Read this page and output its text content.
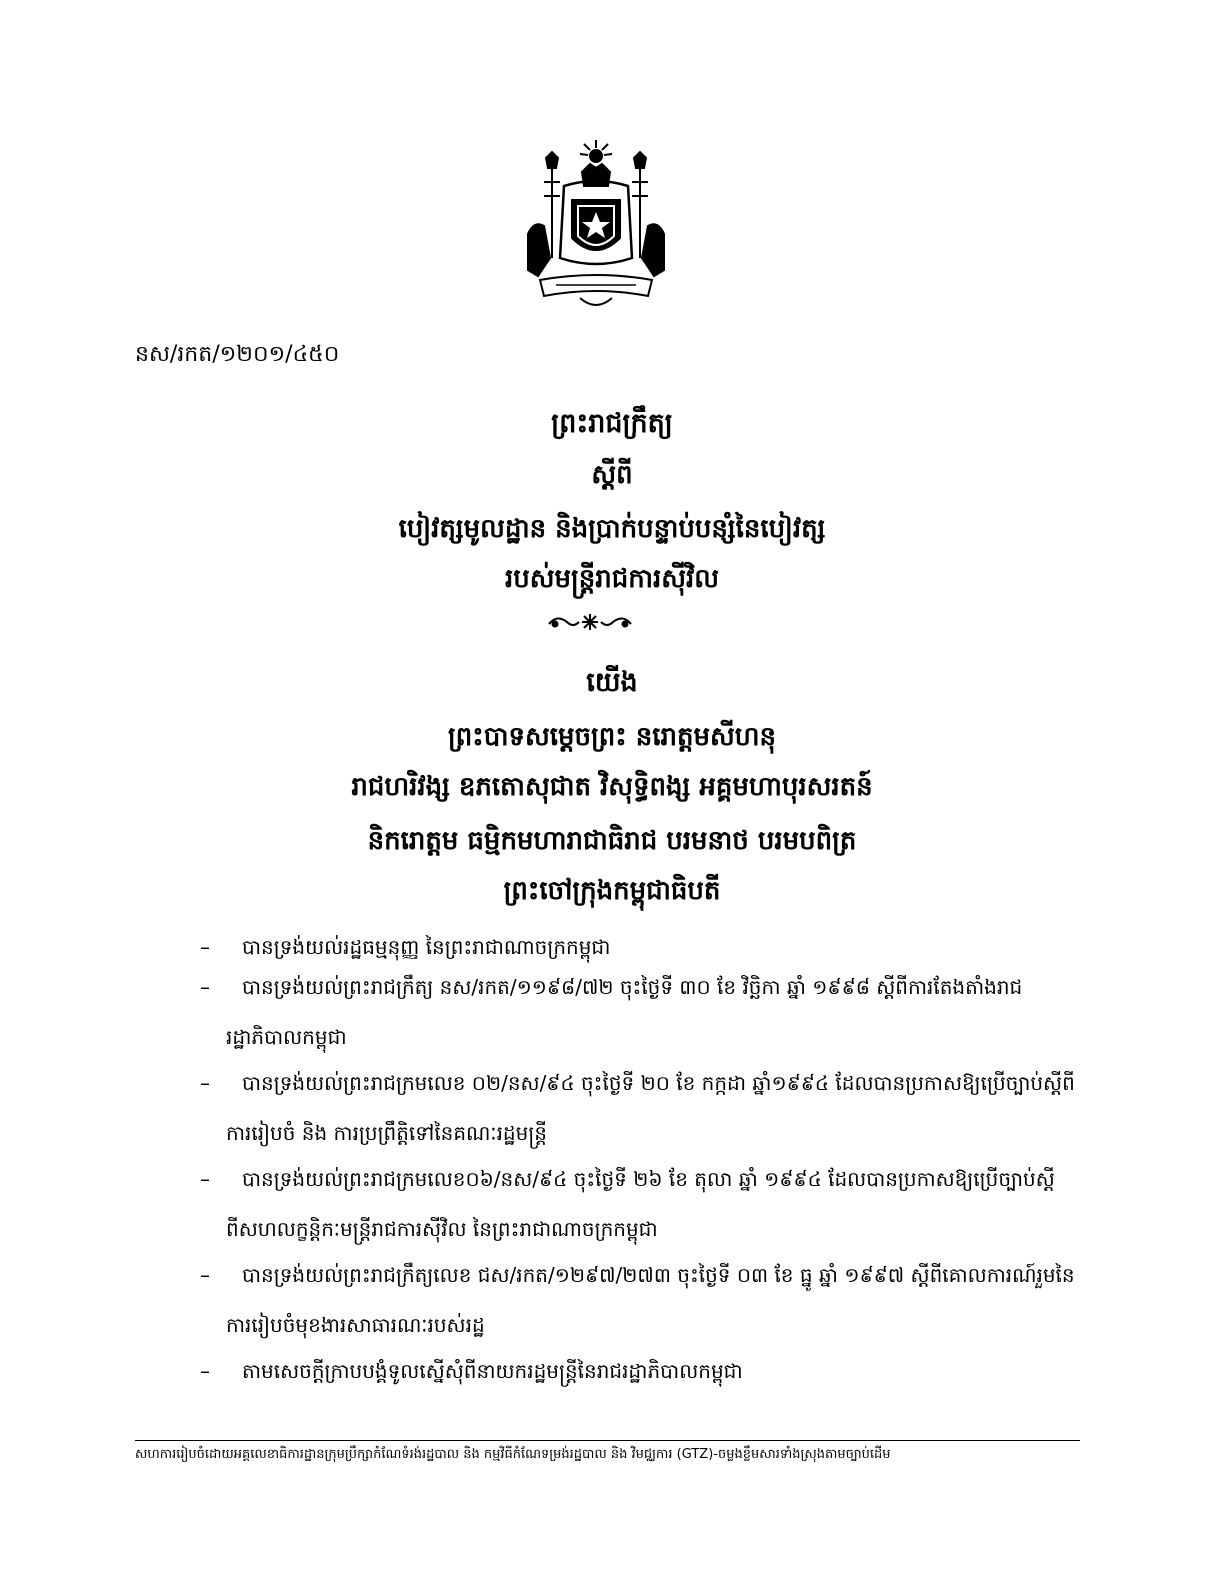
នស/រកត/១២០១/៤៥០
ព្រះរាជក្រឹត្យ
ស្តីពី
បៀវត្សមូលដ្ឋាន និងប្រាក់បន្ទាប់បន្សំនៃបៀវត្ស
របស់មន្ត្រីរាជការស៊ីវិល
យើង
ព្រះបាទសម្តេចព្រះ នរោត្តមសីហនុ
រាជហរិវង្ស ឧភតោសុជាត វិសុទ្ធិពង្ស អគ្គមហាបុរសរតន៍
និករោត្តម ធម្មិកមហារាជាធិរាជ បរមនាថ បរមបពិត្រ
ព្រះចៅក្រុងកម្ពុជាធិបតី
–	បានទ្រង់យល់រដ្ឋធម្មនុញ្ញ នៃព្រះរាជាណាចក្រកម្ពុជា
–	បានទ្រង់យល់ព្រះរាជក្រឹត្យ នស/រកត/១១៩៨/៧២ ចុះថ្ងៃទី ៣០ ខែ វិច្ឆិកា ឆ្នាំ ១៩៩៨ ស្តីពីការតែងតាំងរាជ
រដ្ឋាភិបាលកម្ពុជា
–	បានទ្រង់យល់ព្រះរាជក្រមលេខ ០២/នស/៩៤ ចុះថ្ងៃទី ២០ ខែ កក្កដា ឆ្នាំ១៩៩៤ ដែលបានប្រកាសឱ្យប្រើច្បាប់ស្តីពី
ការរៀបចំ និង ការប្រព្រឹត្តិទៅនៃគណៈរដ្ឋមន្ត្រី
–	បានទ្រង់យល់ព្រះរាជក្រមលេខ០៦/នស/៩៤ ចុះថ្ងៃទី ២៦ ខែ តុលា ឆ្នាំ ១៩៩៤ ដែលបានប្រកាសឱ្យប្រើច្បាប់ស្តី
ពីសហលក្ខន្តិកៈមន្ត្រីរាជការស៊ីវិល នៃព្រះរាជាណាចក្រកម្ពុជា
–	បានទ្រង់យល់ព្រះរាជក្រឹត្យលេខ ជស/រកត/១២៩៧/២៧៣ ចុះថ្ងៃទី ០៣ ខែ ធ្នូ ឆ្នាំ ១៩៩៧ ស្តីពីគោលការណ៍រួមនៃ
ការរៀបចំមុខងារសាធារណៈរបស់រដ្ឋ
–	តាមសេចក្តីក្រាបបង្គំទូលស្នើសុំពីនាយករដ្ឋមន្ត្រីនៃរាជរដ្ឋាភិបាលកម្ពុជា
សហការរៀបចំដោយអគ្គលេខាធិការដ្ឋានក្រុមប្រឹក្សាកំណែទំរង់រដ្ឋបាល និង កម្មវិធីកំណែទម្រង់រដ្ឋបាល និង វិមជ្ឈការ (GTZ)-ចម្លងខ្លឹមសារទាំងស្រុងតាមច្បាប់ដើម
